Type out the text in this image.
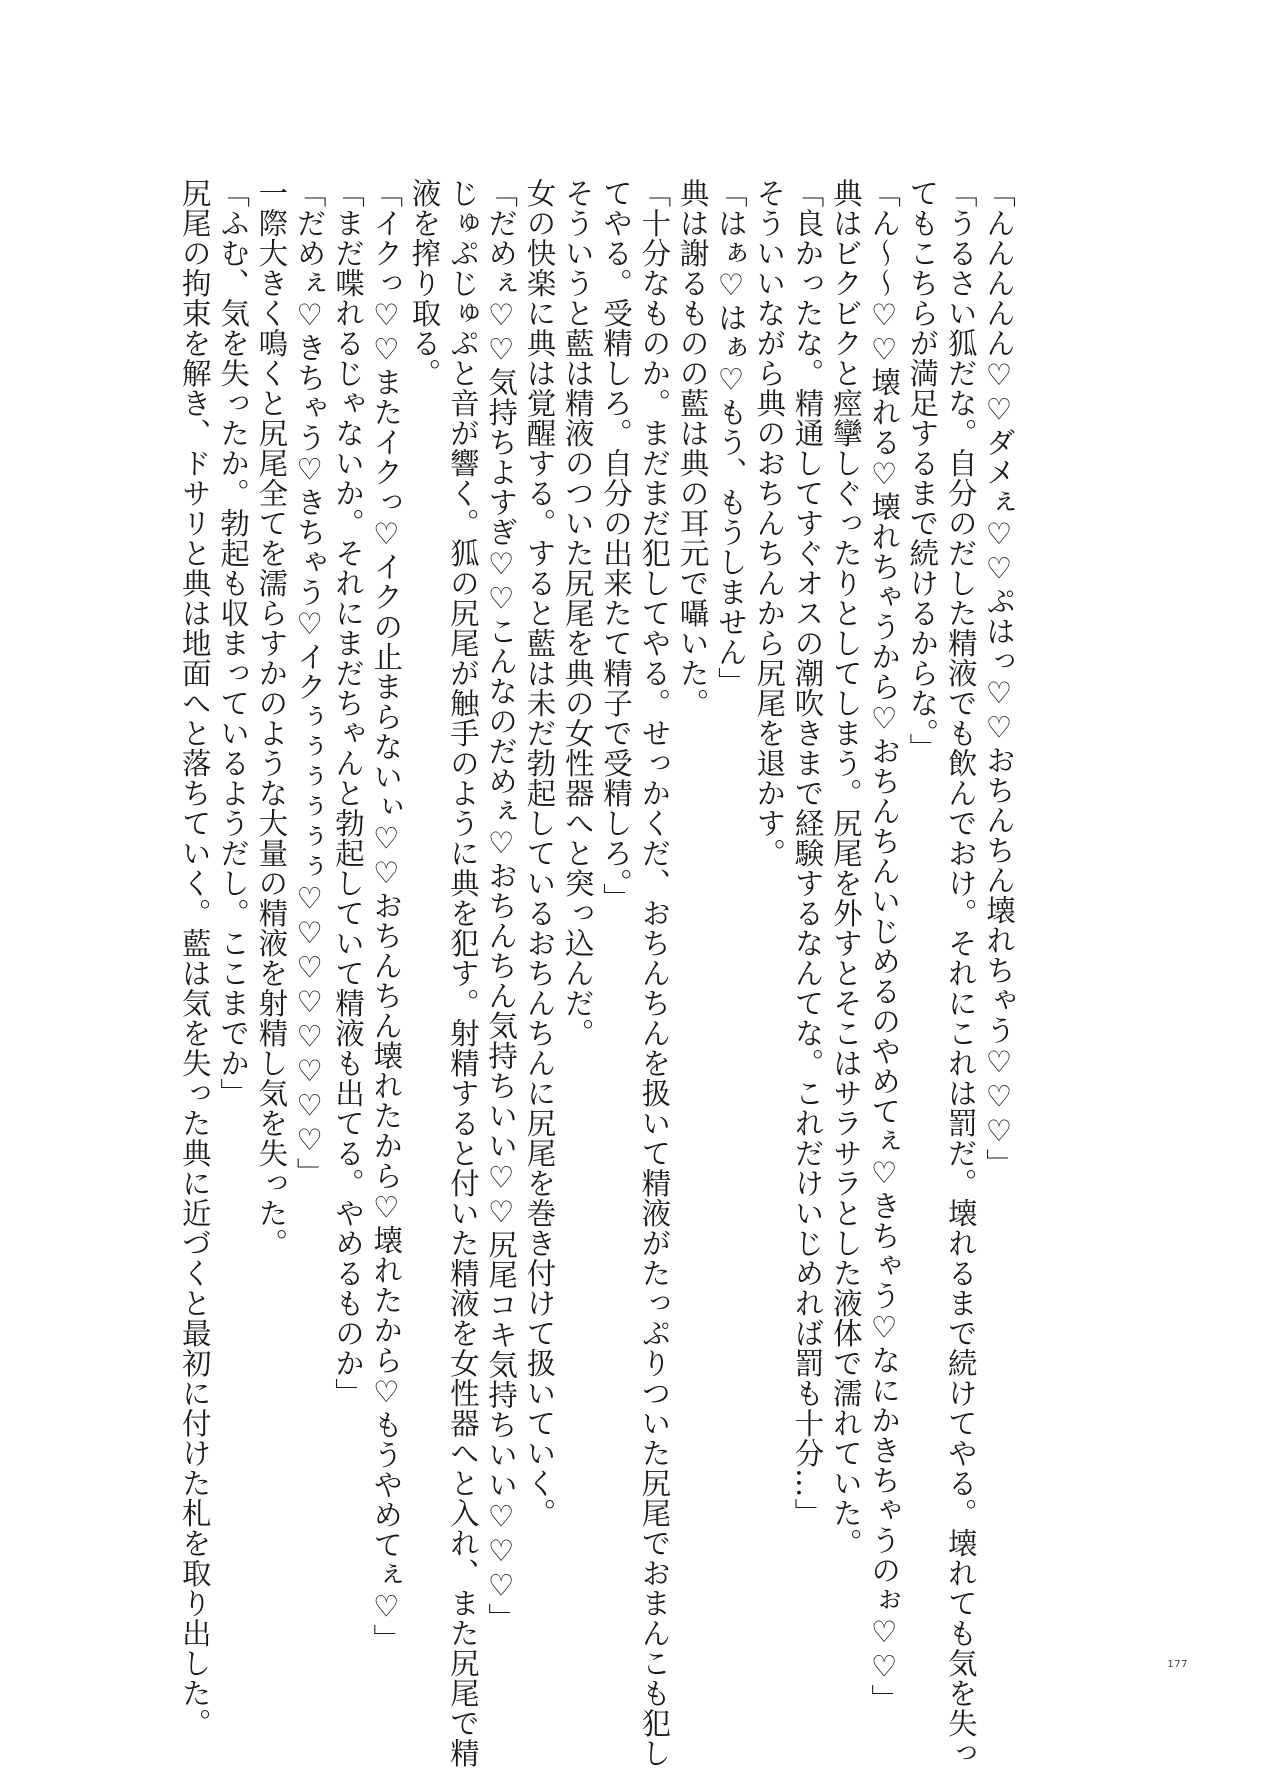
「んんんんん♡♡ダメぇ♡♡ぷはっ♡♡おちんちん壊れちゃう♡♡♡」
「うるさい狐だな。自分のだした精液でも飲んでおけ。それにこれは罰だ。壊れるまで続けてやる。壊れても気を失っ
てもこちらが満足するまで続けるからな。」
「ん〜〜♡♡壊れる♡壊れちゃうから♡おちんちんいじめるのやめてぇ♡きちゃう♡なにかきちゃうのぉ♡♡」
典はビクビクと痙攣しぐったりとしてしまう。尻尾を外すとそこはサラサラとした液体で濡れていた。
「良かったな。精通してすぐオスの潮吹きまで経験するなんてな。これだけいじめれば罰も十分…」
そういいながら典のおちんちんから尻尾を退かす。
「はぁ♡はぁ♡もう、もうしません」
典は謝るものの藍は典の耳元で囁いた。
「十分なものか。まだまだ犯してやる。せっかくだ、おちんちんを扱いて精液がたっぷりついた尻尾でおまんこも犯し
てやる。受精しろ。自分の出来たて精子で受精しろ。」
そういうと藍は精液のついた尻尾を典の女性器へと突っ込んだ。
女の快楽に典は覚醒する。すると藍は未だ勃起しているおちんちんに尻尾を巻き付けて扱いていく。
「だめぇ♡♡気持ちよすぎ♡♡こんなのだめぇ♡おちんちん気持ちいい♡♡尻尾コキ気持ちいい♡♡♡」
じゅぷじゅぷと音が響く。狐の尻尾が触手のように典を犯す。射精すると付いた精液を女性器へと入れ、また尻尾で精
液を搾り取る。
「イクっ♡♡またイクっ♡イクの止まらないぃ♡♡おちんちん壊れたから♡壊れたから♡もうやめてぇ♡」
「まだ喋れるじゃないか。それにまだちゃんと勃起していて精液も出てる。やめるものか」
「だめぇ♡きちゃう♡きちゃう♡イクぅぅぅぅぅぅ♡♡♡♡♡♡♡♡」
一際大きく鳴くと尻尾全てを濡らすかのような大量の精液を射精し気を失った。
「ふむ、気を失ったか。勃起も収まっているようだし。ここまでか」
尻尾の拘束を解き、ドサリと典は地面へと落ちていく。藍は気を失った典に近づくと最初に付けた札を取り出した。	177
